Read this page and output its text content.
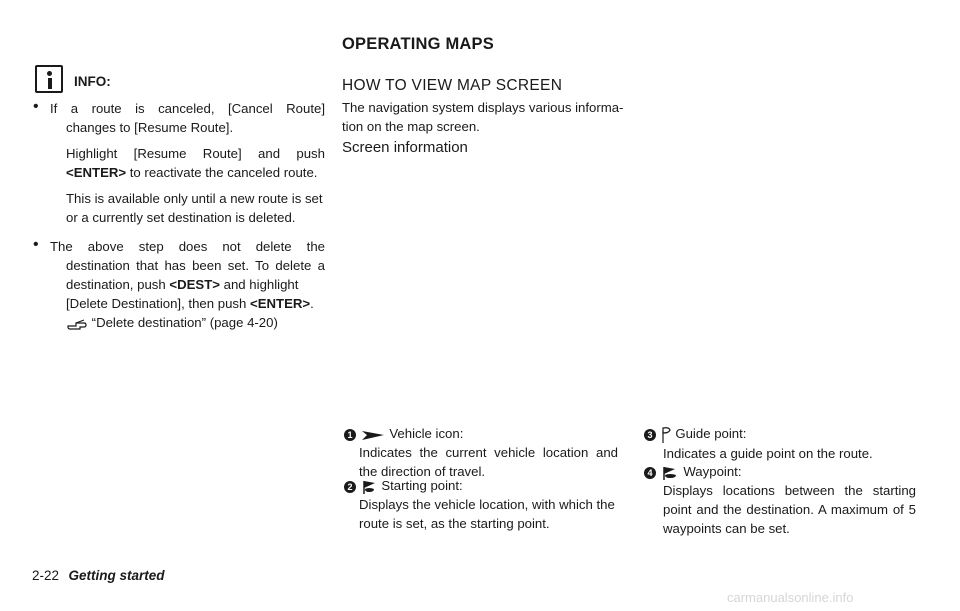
INFO:
• If a route is canceled, [Cancel Route]
changes to [Resume Route].
Highlight [Resume Route] and push
<ENTER> to reactivate the canceled route.
This is available only until a new route is set
or a currently set destination is deleted.
• The above step does not delete the
destination that has been set. To delete a
destination, push <DEST> and highlight
[Delete Destination], then push <ENTER>.
“Delete destination” (page 4-20)
OPERATING MAPS
HOW TO VIEW MAP SCREEN
The navigation system displays various informa-
tion on the map screen.
Screen information
1	Vehicle icon:
Indicates the current vehicle location and
the direction of travel.
2 Starting point:
Displays the vehicle location, with which the
route is set, as the starting point.
3 Guide point:
Indicates a guide point on the route.
4 Waypoint:
Displays locations between the starting
point and the destination. A maximum of 5
waypoints can be set.
2-22 Getting started
carmanualsonline.info
